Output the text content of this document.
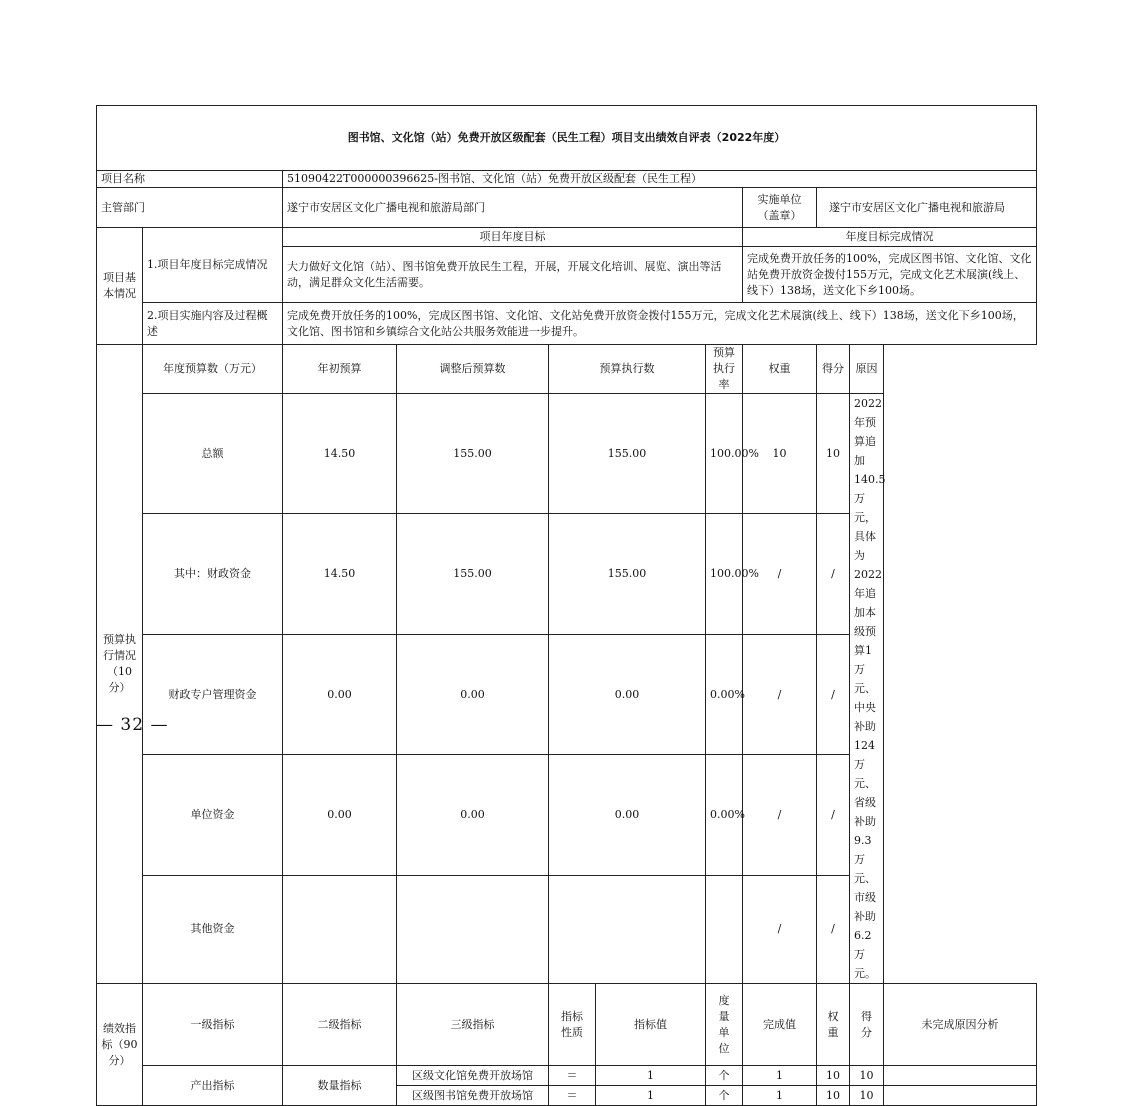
图书馆、文化馆（站）免费开放区级配套（民生工程）项目支出绩效自评表（2022年度）										
项目名称		51090422T000000396625-图书馆、文化馆（站）免费开放区级配套（民生工程）								
主管部门		遂宁市安居区文化广播电视和旅游局部门					实施单位（盖章）	遂宁市安居区文化广播电视和旅游局		
项目基本情况	1.项目年度目标完成情况	项目年度目标					年度目标完成情况			
		大力做好文化馆（站）、图书馆免费开放民生工程，开展，开展文化培训、展览、演出等活动，满足群众文化生活需要。					完成免费开放任务的100%，完成区图书馆、文化馆、文化站免费开放资金拨付155万元，完成文化艺术展演(线上、线下）138场，送文化下乡100场。			
	2.项目实施内容及过程概述	完成免费开放任务的100%，完成区图书馆、文化馆、文化站免费开放资金拨付155万元，完成文化艺术展演(线上、线下）138场，送文化下乡100场，文化馆、图书馆和乡镇综合文化站公共服务效能进一步提升。								

预算执行情况（10分）	年度预算数（万元）	年初预算	调整后预算数	预算执行数		预算执行率	权重	得分	原因	
	总额	14.50	155.00	155.00		100.00%	10	10	2022年预算追加140.5万元，具体为2022年追加本级预算1万元、中央补助124万元、省级补助9.3万元、市级补助6.2万元。	
	其中：财政资金	14.50	155.00	155.00		100.00%	/	/		
	财政专户管理资金	0.00	0.00	0.00		0.00%	/	/		
	单位资金	0.00	0.00	0.00		0.00%	/	/		
	其他资金						/	/		
绩效指标（90分）	一级指标	二级指标	三级指标	指标性质	指标值	度量单位	完成值	权重	得分	未完成原因分析
	产出指标	数量指标	区级文化馆免费开放场馆	＝	1	个	1	10	10	
			区级图书馆免费开放场馆	＝	1	个	1	10	10	
— 32 —
